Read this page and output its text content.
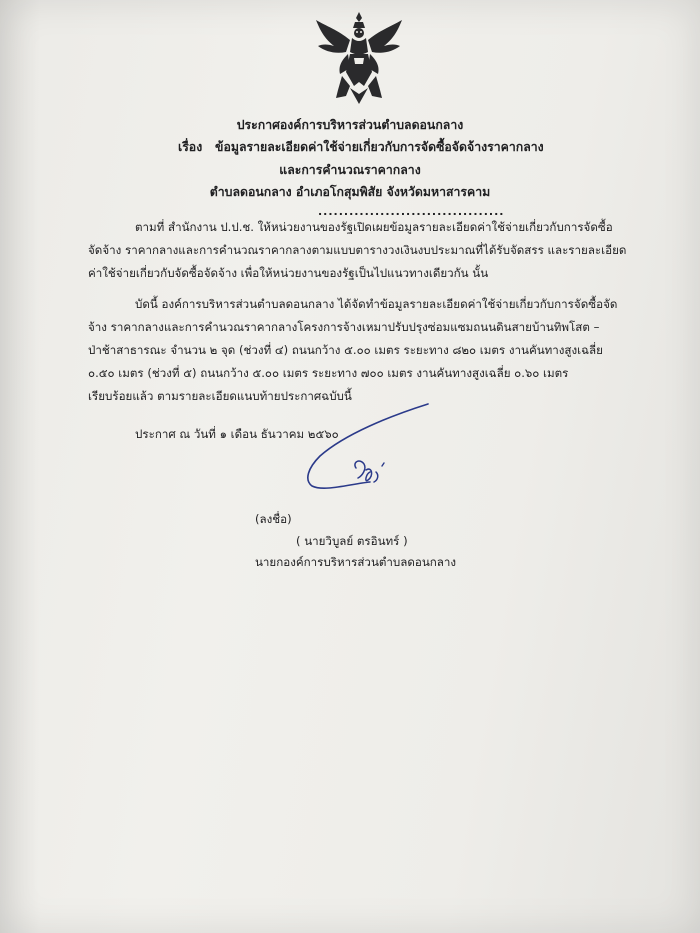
ประกาศองค์การบริหารส่วนตำบลดอนกลาง
เรื่อง ข้อมูลรายละเอียดค่าใช้จ่ายเกี่ยวกับการจัดซื้อจัดจ้างราคากลาง
และการคำนวณราคากลาง
ตำบลดอนกลาง อำเภอโกสุมพิสัย จังหวัดมหาสารคาม
....................................
ตามที่ สำนักงาน ป.ป.ช. ให้หน่วยงานของรัฐเปิดเผยข้อมูลรายละเอียดค่าใช้จ่ายเกี่ยวกับการจัดซื้อ
จัดจ้าง ราคากลางและการคำนวณราคากลางตามแบบตารางวงเงินงบประมาณที่ได้รับจัดสรร และรายละเอียด
ค่าใช้จ่ายเกี่ยวกับจัดซื้อจัดจ้าง เพื่อให้หน่วยงานของรัฐเป็นไปแนวทางเดียวกัน นั้น
บัดนี้ องค์การบริหารส่วนตำบลดอนกลาง ได้จัดทำข้อมูลรายละเอียดค่าใช้จ่ายเกี่ยวกับการจัดซื้อจัด
จ้าง ราคากลางและการคำนวณราคากลางโครงการจ้างเหมาปรับปรุงซ่อมแซมถนนดินสายบ้านทิพโสต –
ป่าช้าสาธารณะ จำนวน ๒ จุด (ช่วงที่ ๔) ถนนกว้าง ๕.๐๐ เมตร ระยะทาง ๘๒๐ เมตร งานคันทางสูงเฉลี่ย
๐.๕๐ เมตร (ช่วงที่ ๕) ถนนกว้าง ๕.๐๐ เมตร ระยะทาง ๗๐๐ เมตร งานคันทางสูงเฉลี่ย ๐.๖๐ เมตร
เรียบร้อยแล้ว ตามรายละเอียดแนบท้ายประกาศฉบับนี้
ประกาศ ณ วันที่ ๑ เดือน ธันวาคม ๒๕๖๐
(ลงชื่อ)
( นายวิบูลย์ ตรอินทร์ )
นายกองค์การบริหารส่วนตำบลดอนกลาง
